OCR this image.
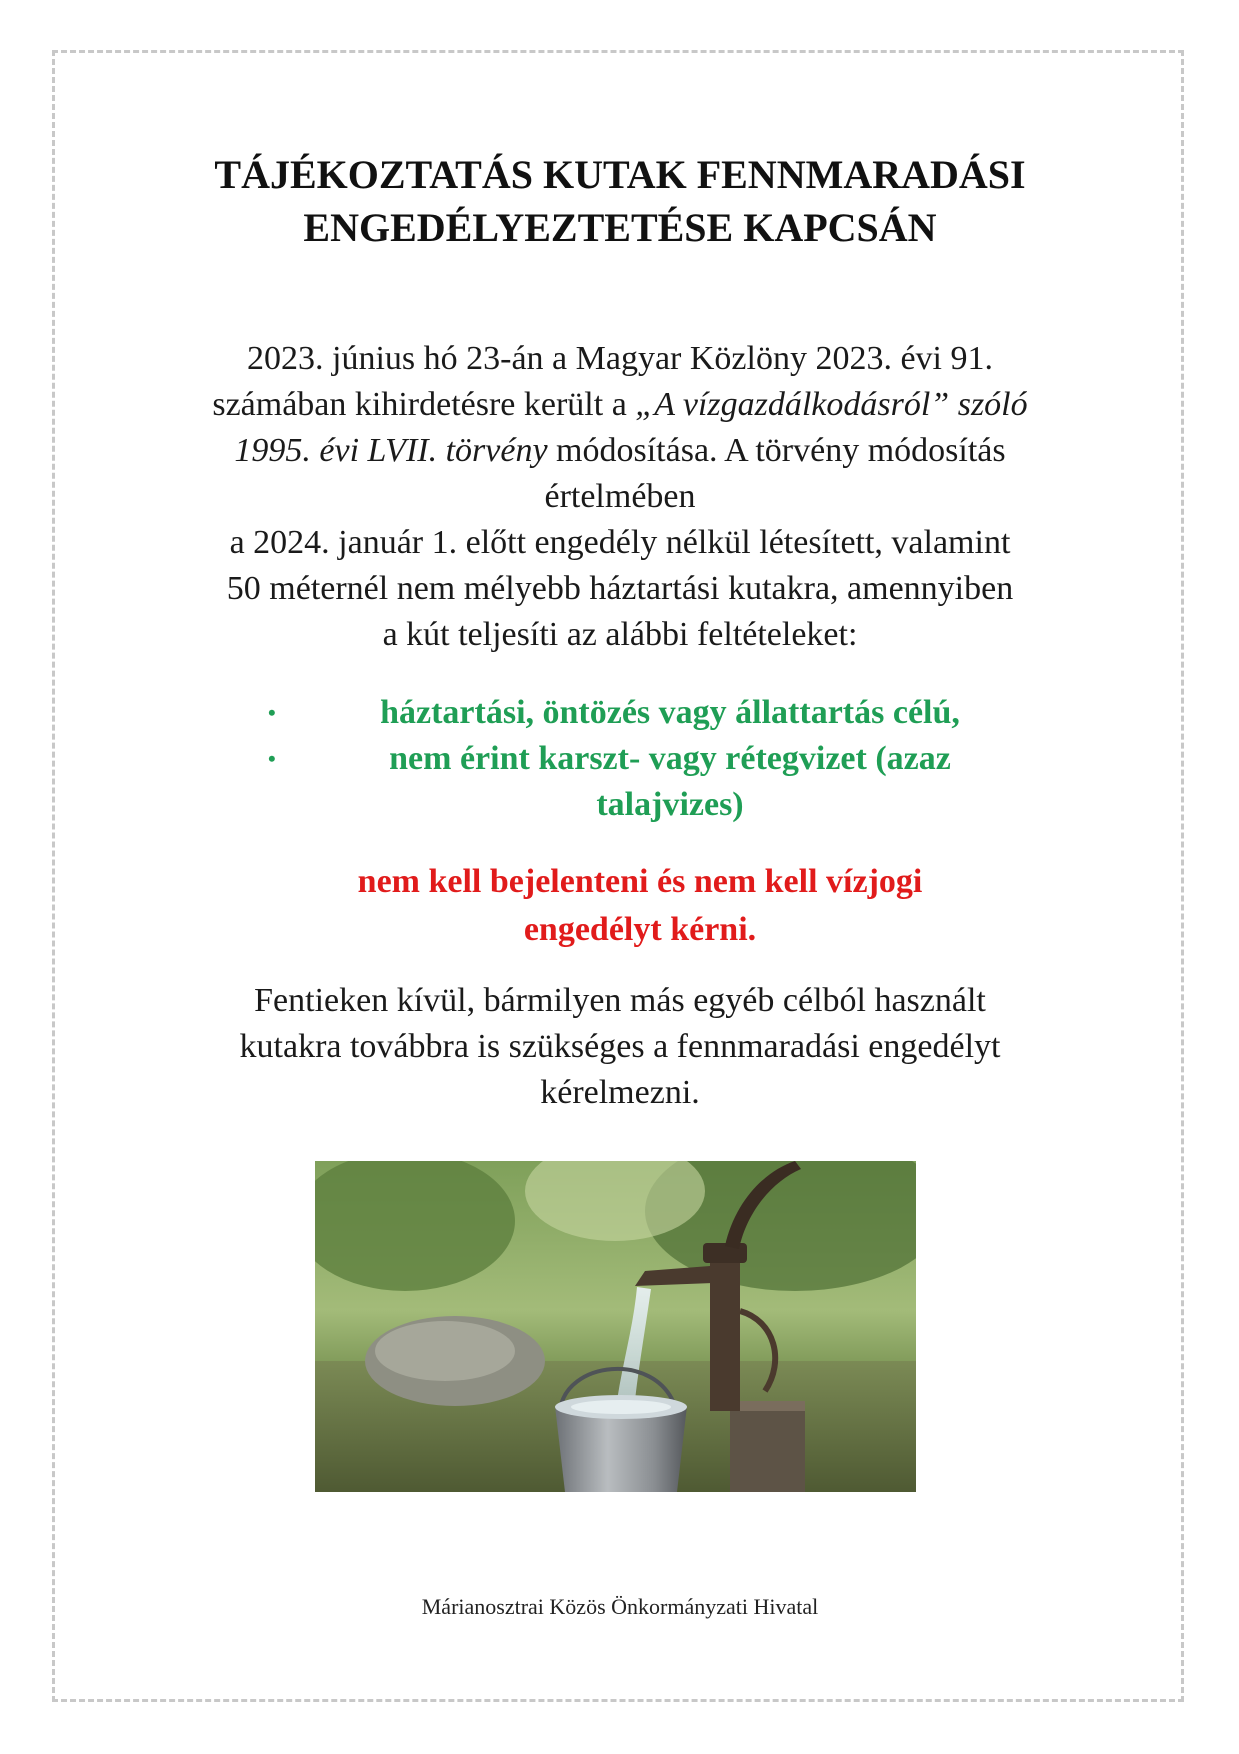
TÁJÉKOZTATÁS KUTAK FENNMARADÁSI
ENGEDÉLYEZTETÉSE KAPCSÁN

2023. június hó 23-án a Magyar Közlöny 2023. évi 91.
számában kihirdetésre került a „A vízgazdálkodásról” szóló
1995. évi LVII. törvény módosítása. A törvény módosítás
értelmében
a 2024. január 1. előtt engedély nélkül létesített, valamint
50 méternél nem mélyebb háztartási kutakra, amennyiben
a kút teljesíti az alábbi feltételeket:

•	háztartási, öntözés vagy állattartás célú,
•	nem érint karszt- vagy rétegvizet (azaz
talajvizes)

nem kell bejelenteni és nem kell vízjogi
engedélyt kérni.

Fentieken kívül, bármilyen más egyéb célból használt
kutakra továbbra is szükséges a fennmaradási engedélyt
kérelmezni.

Márianosztrai Közös Önkormányzati Hivatal
